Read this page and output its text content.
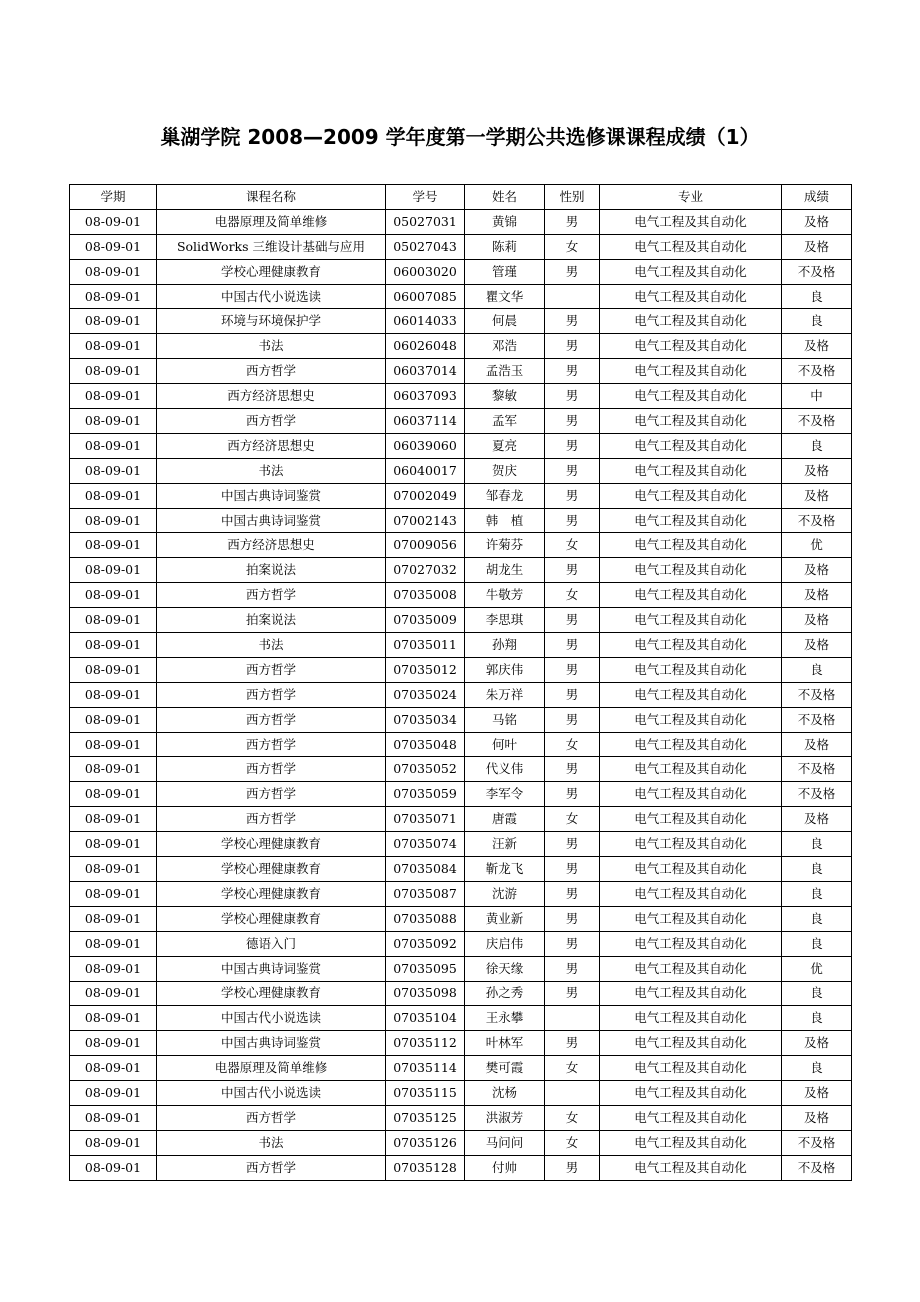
巢湖学院 2008—2009 学年度第一学期公共选修课课程成绩（1）
学期	课程名称	学号	姓名	性别	专业	成绩
08-09-01	电器原理及简单维修	05027031	黄锦	男	电气工程及其自动化	及格
08-09-01	SolidWorks 三维设计基础与应用	05027043	陈莉	女	电气工程及其自动化	及格
08-09-01	学校心理健康教育	06003020	管瑾	男	电气工程及其自动化	不及格
08-09-01	中国古代小说选读	06007085	瞿文华		电气工程及其自动化	良
08-09-01	环境与环境保护学	06014033	何晨	男	电气工程及其自动化	良
08-09-01	书法	06026048	邓浩	男	电气工程及其自动化	及格
08-09-01	西方哲学	06037014	孟浩玉	男	电气工程及其自动化	不及格
08-09-01	西方经济思想史	06037093	黎敏	男	电气工程及其自动化	中
08-09-01	西方哲学	06037114	孟军	男	电气工程及其自动化	不及格
08-09-01	西方经济思想史	06039060	夏亮	男	电气工程及其自动化	良
08-09-01	书法	06040017	贺庆	男	电气工程及其自动化	及格
08-09-01	中国古典诗词鉴赏	07002049	邹春龙	男	电气工程及其自动化	及格
08-09-01	中国古典诗词鉴赏	07002143	韩　植	男	电气工程及其自动化	不及格
08-09-01	西方经济思想史	07009056	许菊芬	女	电气工程及其自动化	优
08-09-01	拍案说法	07027032	胡龙生	男	电气工程及其自动化	及格
08-09-01	西方哲学	07035008	牛敬芳	女	电气工程及其自动化	及格
08-09-01	拍案说法	07035009	李思琪	男	电气工程及其自动化	及格
08-09-01	书法	07035011	孙翔	男	电气工程及其自动化	及格
08-09-01	西方哲学	07035012	郭庆伟	男	电气工程及其自动化	良
08-09-01	西方哲学	07035024	朱万祥	男	电气工程及其自动化	不及格
08-09-01	西方哲学	07035034	马铭	男	电气工程及其自动化	不及格
08-09-01	西方哲学	07035048	何叶	女	电气工程及其自动化	及格
08-09-01	西方哲学	07035052	代义伟	男	电气工程及其自动化	不及格
08-09-01	西方哲学	07035059	李军令	男	电气工程及其自动化	不及格
08-09-01	西方哲学	07035071	唐霞	女	电气工程及其自动化	及格
08-09-01	学校心理健康教育	07035074	汪新	男	电气工程及其自动化	良
08-09-01	学校心理健康教育	07035084	靳龙飞	男	电气工程及其自动化	良
08-09-01	学校心理健康教育	07035087	沈游	男	电气工程及其自动化	良
08-09-01	学校心理健康教育	07035088	黄业新	男	电气工程及其自动化	良
08-09-01	德语入门	07035092	庆启伟	男	电气工程及其自动化	良
08-09-01	中国古典诗词鉴赏	07035095	徐天缘	男	电气工程及其自动化	优
08-09-01	学校心理健康教育	07035098	孙之秀	男	电气工程及其自动化	良
08-09-01	中国古代小说选读	07035104	王永攀		电气工程及其自动化	良
08-09-01	中国古典诗词鉴赏	07035112	叶林军	男	电气工程及其自动化	及格
08-09-01	电器原理及简单维修	07035114	樊可霞	女	电气工程及其自动化	良
08-09-01	中国古代小说选读	07035115	沈杨		电气工程及其自动化	及格
08-09-01	西方哲学	07035125	洪淑芳	女	电气工程及其自动化	及格
08-09-01	书法	07035126	马问问	女	电气工程及其自动化	不及格
08-09-01	西方哲学	07035128	付帅	男	电气工程及其自动化	不及格
